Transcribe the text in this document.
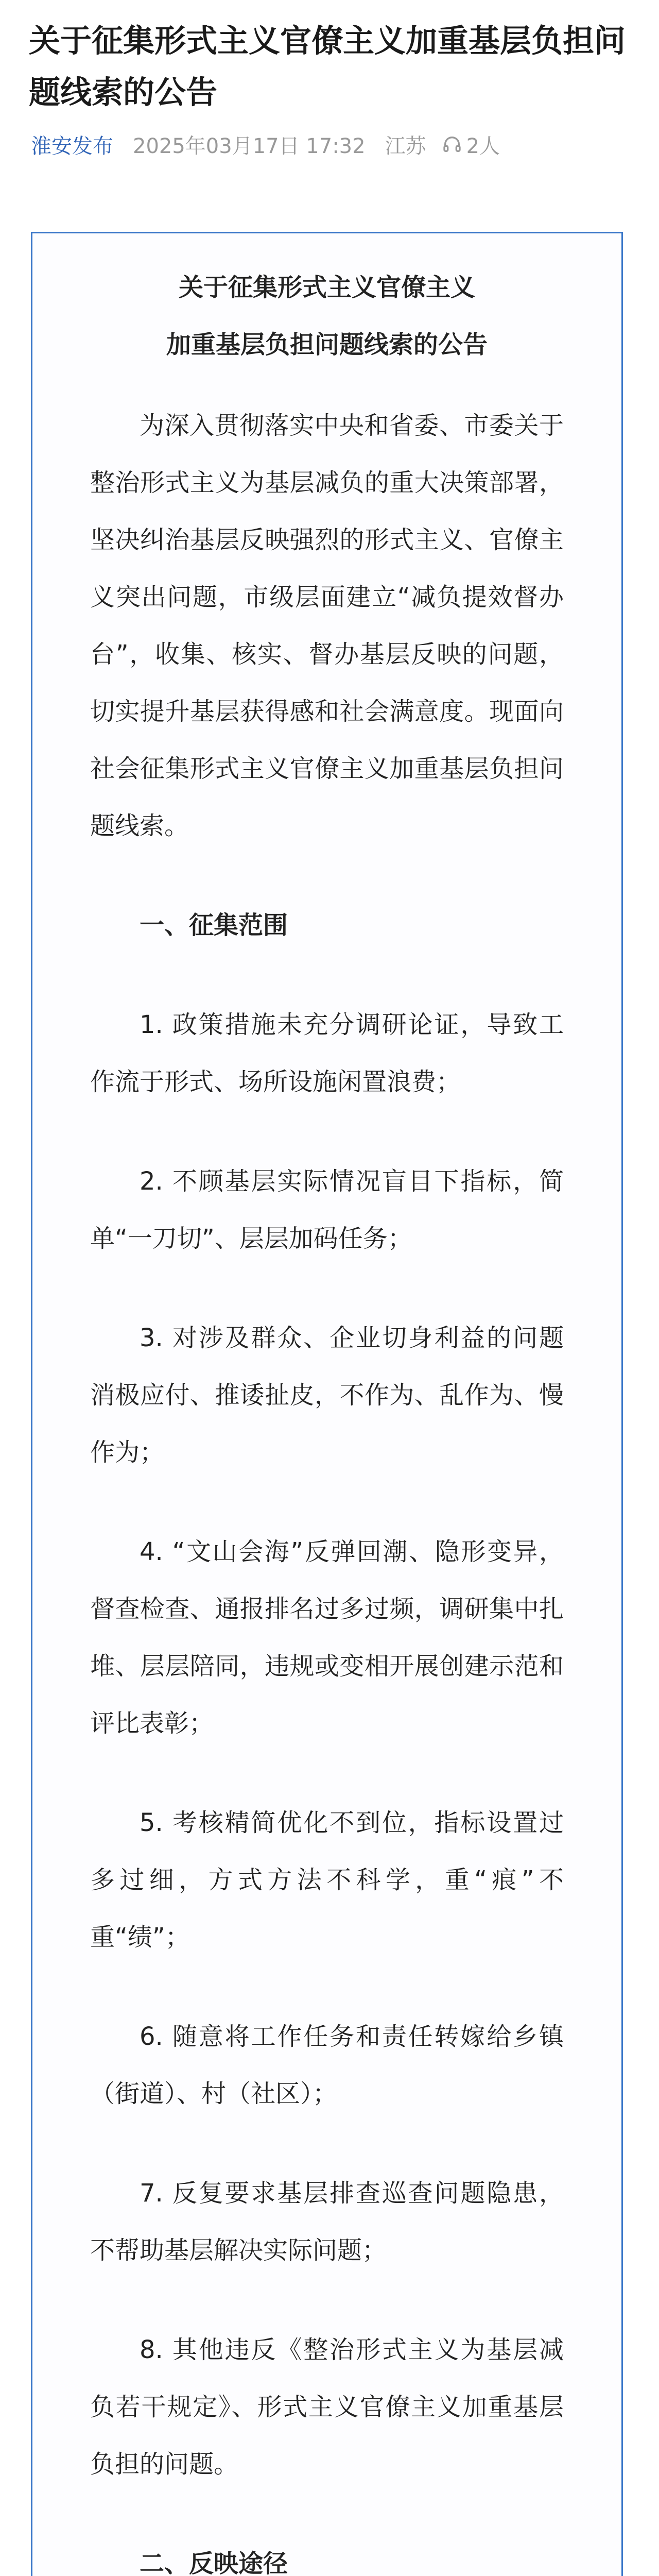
关于征集形式主义官僚主义加重基层负担问题线索的公告
淮安发布 2025年03月17日 17:32 江苏 2人

关于征集形式主义官僚主义

加重基层负担问题线索的公告

为深入贯彻落实中央和省委、市委关于整治形式主义为基层减负的重大决策部署，坚决纠治基层反映强烈的形式主义、官僚主义突出问题，市级层面建立“减负提效督办台”，收集、核实、督办基层反映的问题，切实提升基层获得感和社会满意度。现面向社会征集形式主义官僚主义加重基层负担问题线索。

一、征集范围

1. 政策措施未充分调研论证，导致工作流于形式、场所设施闲置浪费；

2. 不顾基层实际情况盲目下指标，简单“一刀切”、层层加码任务；

3. 对涉及群众、企业切身利益的问题消极应付、推诿扯皮，不作为、乱作为、慢作为；

4. “文山会海”反弹回潮、隐形变异，督查检查、通报排名过多过频，调研集中扎堆、层层陪同，违规或变相开展创建示范和评比表彰；

5. 考核精简优化不到位，指标设置过多过细，方式方法不科学，重“痕”不重“绩”；

6. 随意将工作任务和责任转嫁给乡镇（街道）、村（社区）；

7. 反复要求基层排查巡查问题隐患，不帮助基层解决实际问题；

8. 其他违反《整治形式主义为基层减负若干规定》、形式主义官僚主义加重基层负担的问题。

二、反映途径
